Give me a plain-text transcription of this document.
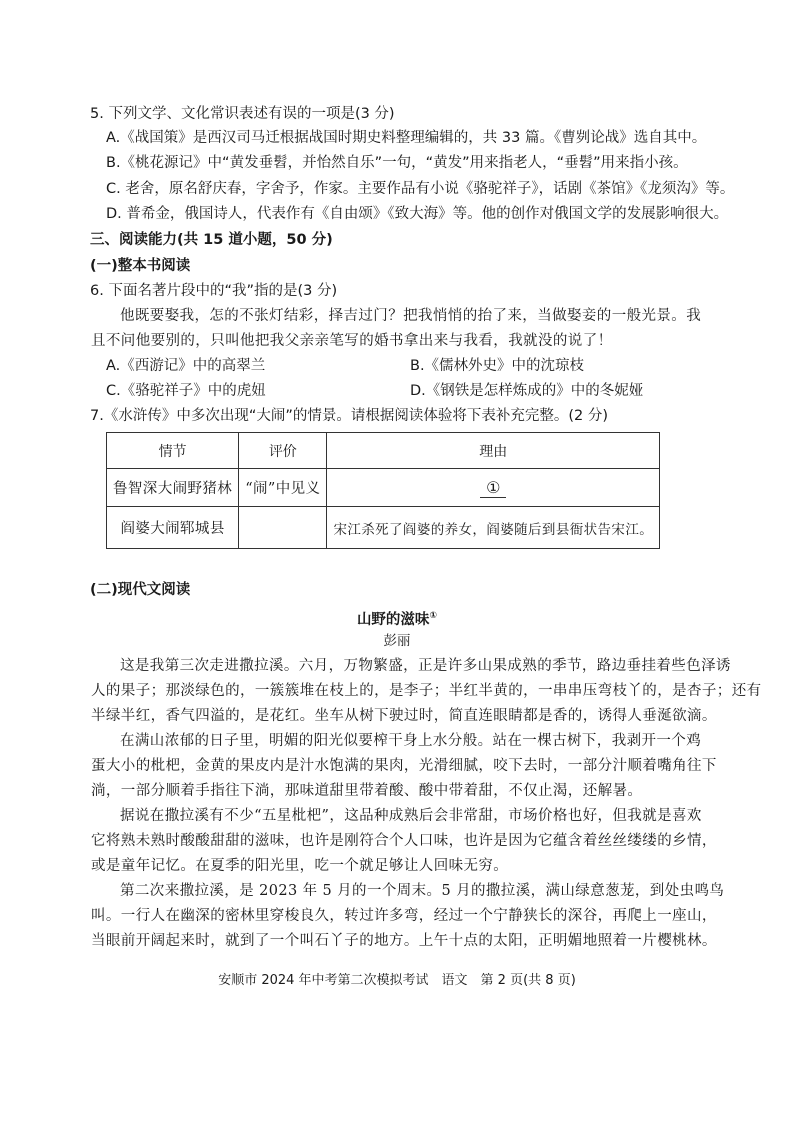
5. 下列文学、文化常识表述有误的一项是(3 分)
A.《战国策》是西汉司马迁根据战国时期史料整理编辑的，共 33 篇。《曹刿论战》选自其中。
B.《桃花源记》中“黄发垂髫，并怡然自乐”一句，“黄发”用来指老人，“垂髫”用来指小孩。
C. 老舍，原名舒庆春，字舍予，作家。主要作品有小说《骆驼祥子》，话剧《茶馆》《龙须沟》等。
D. 普希金，俄国诗人，代表作有《自由颂》《致大海》等。他的创作对俄国文学的发展影响很大。
三、阅读能力(共 15 道小题，50 分)
(一)整本书阅读
6. 下面名著片段中的“我”指的是(3 分)
他既要娶我，怎的不张灯结彩，择吉过门？把我悄悄的抬了来，当做娶妾的一般光景。我
且不问他要别的，只叫他把我父亲亲笔写的婚书拿出来与我看，我就没的说了！
A.《西游记》中的高翠兰	B.《儒林外史》中的沈琼枝
C.《骆驼祥子》中的虎妞	D.《钢铁是怎样炼成的》中的冬妮娅
7.《水浒传》中多次出现“大闹”的情景。请根据阅读体验将下表补充完整。(2 分)
情节	评价	理由
鲁智深大闹野猪林	“闹”中见义	①
阎婆大闹郓城县		宋江杀死了阎婆的养女，阎婆随后到县衙状告宋江。
(二)现代文阅读
山野的滋味①
彭丽
这是我第三次走进撒拉溪。六月，万物繁盛，正是许多山果成熟的季节，路边垂挂着些色泽诱
人的果子；那淡绿色的，一簇簇堆在枝上的，是李子；半红半黄的，一串串压弯枝丫的，是杏子；还有
半绿半红，香气四溢的，是花红。坐车从树下驶过时，简直连眼睛都是香的，诱得人垂涎欲滴。
在满山浓郁的日子里，明媚的阳光似要榨干身上水分般。站在一棵古树下，我剥开一个鸡
蛋大小的枇杷，金黄的果皮内是汁水饱满的果肉，光滑细腻，咬下去时，一部分汁顺着嘴角往下
淌，一部分顺着手指往下淌，那味道甜里带着酸、酸中带着甜，不仅止渴，还解暑。
据说在撒拉溪有不少“五星枇杷”，这品种成熟后会非常甜，市场价格也好，但我就是喜欢
它将熟未熟时酸酸甜甜的滋味，也许是刚符合个人口味，也许是因为它蕴含着丝丝缕缕的乡情，
或是童年记忆。在夏季的阳光里，吃一个就足够让人回味无穷。
第二次来撒拉溪，是 2023 年 5 月的一个周末。5 月的撒拉溪，满山绿意葱茏，到处虫鸣鸟
叫。一行人在幽深的密林里穿梭良久，转过许多弯，经过一个宁静狭长的深谷，再爬上一座山，
当眼前开阔起来时，就到了一个叫石丫子的地方。上午十点的太阳，正明媚地照着一片樱桃林。
安顺市 2024 年中考第二次模拟考试　语文　第 2 页(共 8 页)
